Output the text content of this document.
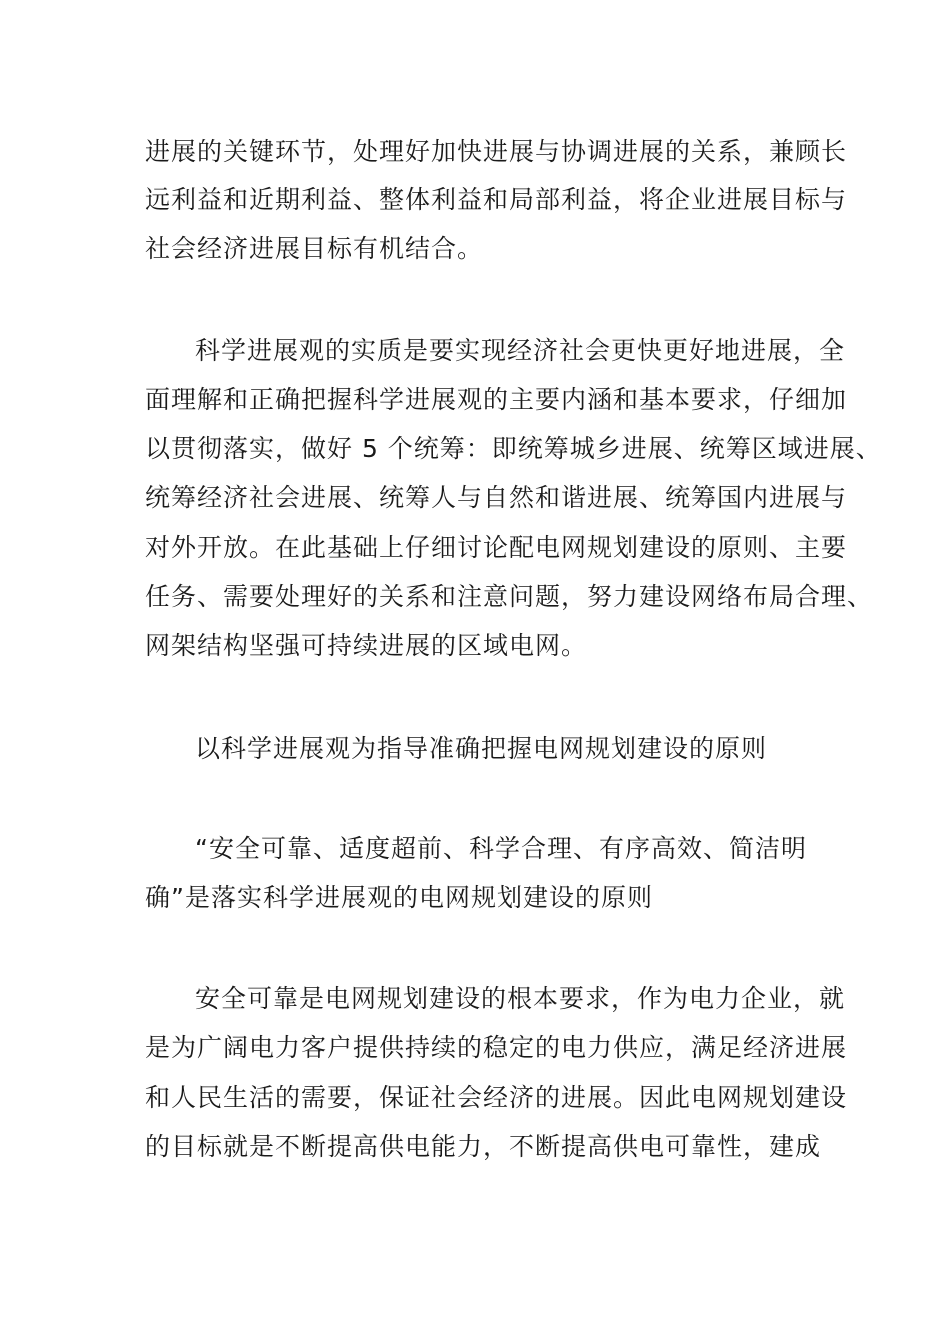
进展的关键环节，处理好加快进展与协调进展的关系，兼顾长
远利益和近期利益、整体利益和局部利益，将企业进展目标与
社会经济进展目标有机结合。
科学进展观的实质是要实现经济社会更快更好地进展，全
面理解和正确把握科学进展观的主要内涵和基本要求，仔细加
以贯彻落实，做好 5 个统筹：即统筹城乡进展、统筹区域进展、
统筹经济社会进展、统筹人与自然和谐进展、统筹国内进展与
对外开放。在此基础上仔细讨论配电网规划建设的原则、主要
任务、需要处理好的关系和注意问题，努力建设网络布局合理、
网架结构坚强可持续进展的区域电网。
以科学进展观为指导准确把握电网规划建设的原则
“安全可靠、适度超前、科学合理、有序高效、简洁明
确”是落实科学进展观的电网规划建设的原则
安全可靠是电网规划建设的根本要求，作为电力企业，就
是为广阔电力客户提供持续的稳定的电力供应，满足经济进展
和人民生活的需要，保证社会经济的进展。因此电网规划建设
的目标就是不断提高供电能力，不断提高供电可靠性，建成
